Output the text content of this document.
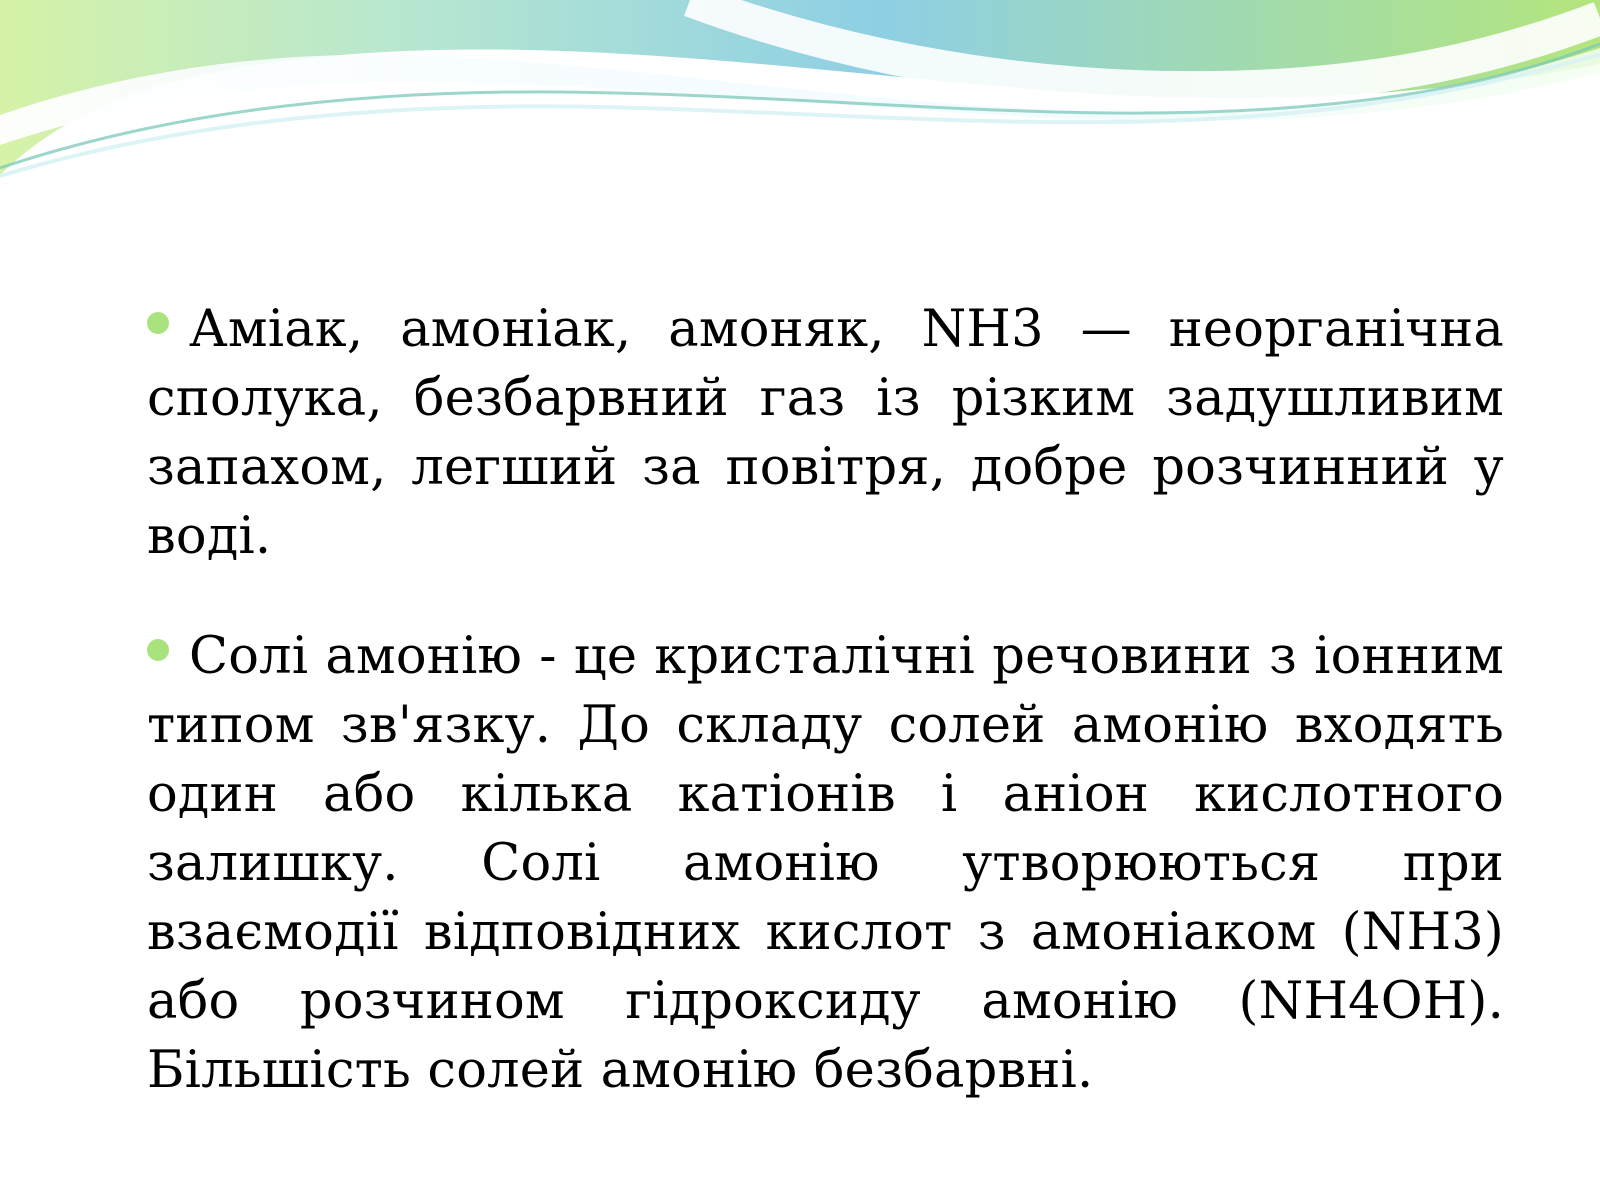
Аміак, амоніак, амоняк, NH3 — неорганічна сполука, безбарвний газ із різким задушливим запахом, легший за повітря, добре розчинний у воді.

Солі амонію - це кристалічні речовини з іонним типом зв'язку. До складу солей амонію входять один або кілька катіонів і аніон кислотного залишку. Солі амонію утворюються при взаємодії відповідних кислот з амоніаком (NH3) або розчином гідроксиду амонію (NH4OH). Більшість солей амонію безбарвні.
